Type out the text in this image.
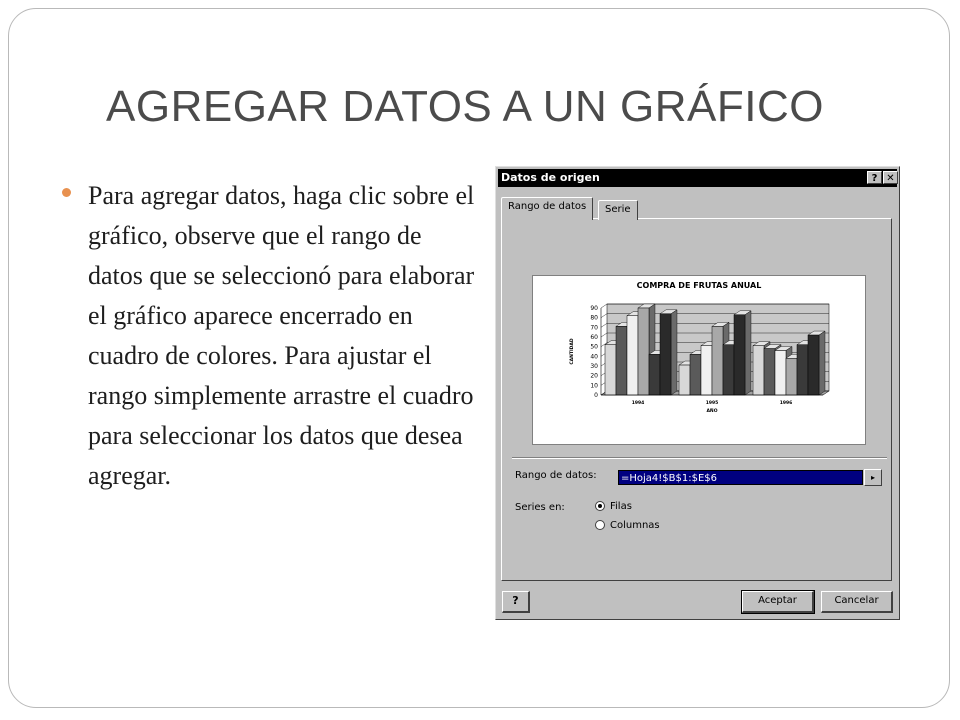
AGREGAR DATOS A UN GRÁFICO
Para agregar datos, haga clic sobre el gráfico, observe que el rango de datos que se seleccionó para elaborar el gráfico aparece encerrado en cuadro de colores. Para ajustar el rango simplemente arrastre el cuadro para seleccionar los datos que desea agregar.
Datos de origen	? ✕
COMPRA DE FRUTAS ANUAL
0
10
20
30
40
50
60
70
80
90
CANTIDAD
1994	1995	1996
AÑO
Rango de datos:	=Hoja4!$B$1:$E$6	▸
Series en:	Filas
Columnas
Rango de datos	Serie
?	Aceptar	Cancelar
